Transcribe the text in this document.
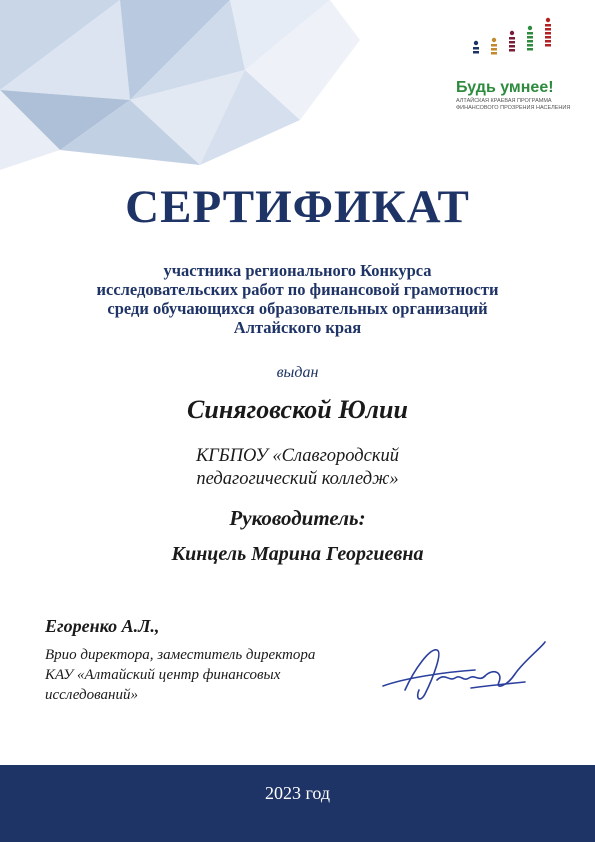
Будь умнее!
АЛТАЙСКАЯ КРАЕВАЯ ПРОГРАММА ФИНАНСОВОГО ПРОЗРЕНИЯ НАСЕЛЕНИЯ
СЕРТИФИКАТ
участника регионального Конкурса
исследовательских работ по финансовой грамотности
среди обучающихся образовательных организаций
Алтайского края
выдан
Синяговской Юлии
КГБПОУ «Славгородский педагогический колледж»
Руководитель:
Кинцель Марина Георгиевна
Егоренко А.Л.,
Врио директора, заместитель директора КАУ «Алтайский центр финансовых исследований»
2023 год
